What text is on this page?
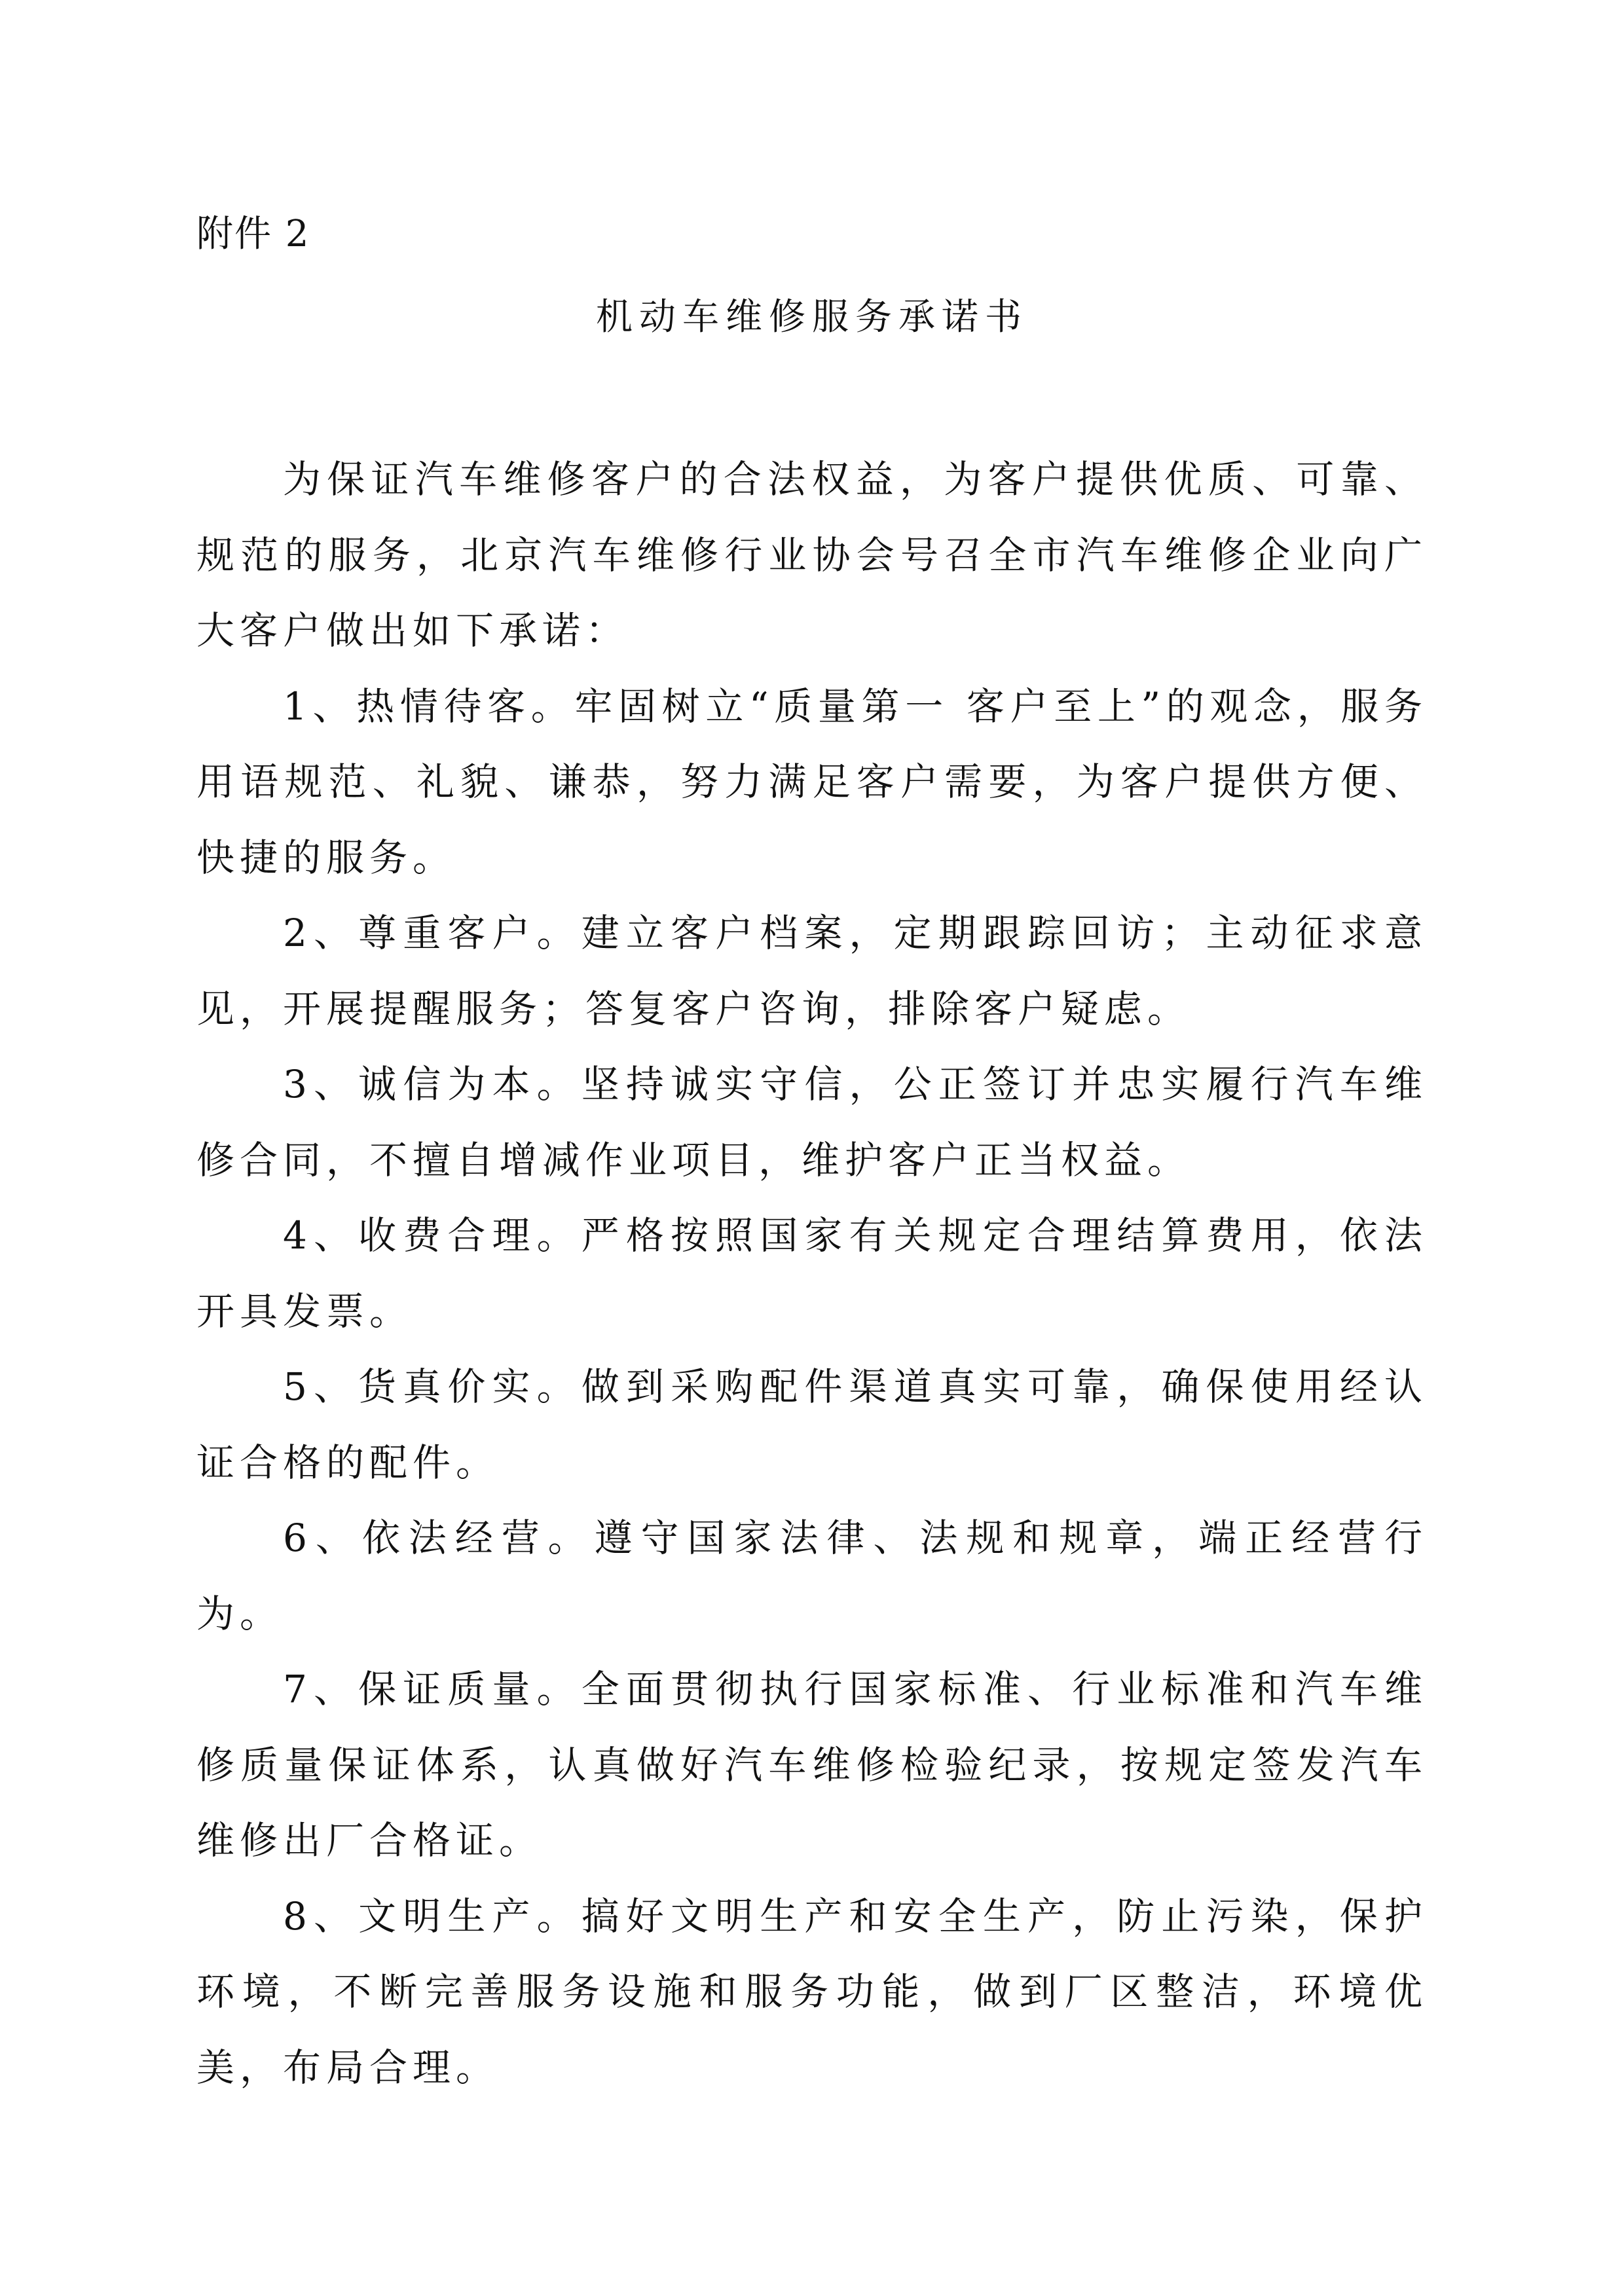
附件 2
机动车维修服务承诺书

为保证汽车维修客户的合法权益，为客户提供优质、可靠、规范的服务，北京汽车维修行业协会号召全市汽车维修企业向广大客户做出如下承诺：

1、热情待客。牢固树立“质量第一 客户至上”的观念，服务用语规范、礼貌、谦恭，努力满足客户需要，为客户提供方便、快捷的服务。

2、尊重客户。建立客户档案，定期跟踪回访；主动征求意见，开展提醒服务；答复客户咨询，排除客户疑虑。

3、诚信为本。坚持诚实守信，公正签订并忠实履行汽车维修合同，不擅自增减作业项目，维护客户正当权益。

4、收费合理。严格按照国家有关规定合理结算费用，依法开具发票。

5、货真价实。做到采购配件渠道真实可靠，确保使用经认证合格的配件。

6、依法经营。遵守国家法律、法规和规章，端正经营行为。

7、保证质量。全面贯彻执行国家标准、行业标准和汽车维修质量保证体系，认真做好汽车维修检验纪录，按规定签发汽车维修出厂合格证。

8、文明生产。搞好文明生产和安全生产，防止污染，保护环境，不断完善服务设施和服务功能，做到厂区整洁，环境优美，布局合理。
